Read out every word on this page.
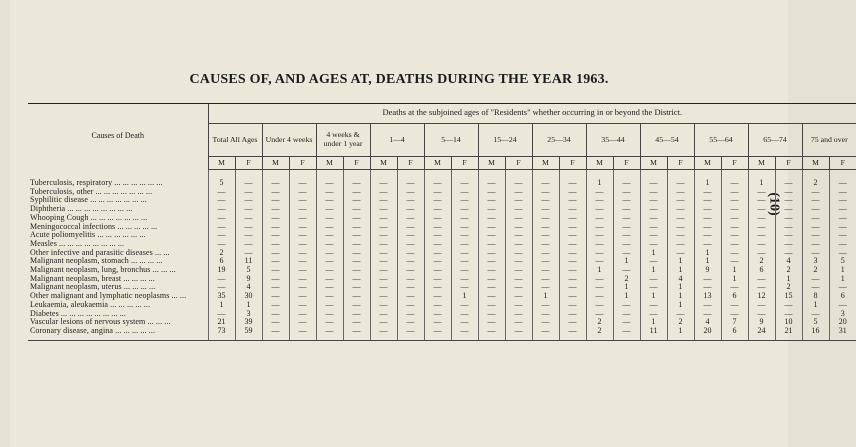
CAUSES OF, AND AGES AT, DEATHS DURING THE YEAR 1963.
(10)
Causes of Death	Deaths at the subjoined ages of "Residents" whether occurring in or beyond the District.																							
	Total All Ages		Under 4 weeks		4 weeks & under 1 year		1—4		5—14		15—24		25—34		35—44		45—54		55—64		65—74		75 and over	
	M	F	M	F	M	F	M	F	M	F	M	F	M	F	M	F	M	F	M	F	M	F	M	F

Tuberculosis, respiratory ... ... ... ... ... ...	5	—	—	—	—	—	—	—	—	—	—	—	—	—	1	—	—	—	1	—	1	—	2	—
Tuberculosis, other ... ... ... ... ... ... ...	—	—	—	—	—	—	—	—	—	—	—	—	—	—	—	—	—	—	—	—	—	—	—	—
Syphilitic disease ... ... ... ... ... ... ...	—	—	—	—	—	—	—	—	—	—	—	—	—	—	—	—	—	—	—	—	—	—	—	—
Diphtheria ... ... ... ... ... ... ... ...	—	—	—	—	—	—	—	—	—	—	—	—	—	—	—	—	—	—	—	—	—	—	—	—
Whooping Cough ... ... ... ... ... ... ...	—	—	—	—	—	—	—	—	—	—	—	—	—	—	—	—	—	—	—	—	—	—	—	—
Meningococcal infections ... ... ... ... ...	—	—	—	—	—	—	—	—	—	—	—	—	—	—	—	—	—	—	—	—	—	—	—	—
Acute poliomyelitis ... ... ... ... ... ...	—	—	—	—	—	—	—	—	—	—	—	—	—	—	—	—	—	—	—	—	—	—	—	—
Measles ... ... ... ... ... ... ... ...	—	—	—	—	—	—	—	—	—	—	—	—	—	—	—	—	—	—	—	—	—	—	—	—
Other infective and parasitic diseases ... ...	2	—	—	—	—	—	—	—	—	—	—	—	—	—	—	—	1	—	1	—	—	—	—	—
Malignant neoplasm, stomach ... ... ... ...	6	11	—	—	—	—	—	—	—	—	—	—	—	—	—	1	—	1	1	—	2	4	3	5
Malignant neoplasm, lung, bronchus ... ... ...	19	5	—	—	—	—	—	—	—	—	—	—	—	—	1	—	1	1	9	1	6	2	2	1
Malignant neoplasm, breast ... ... ... ...	—	9	—	—	—	—	—	—	—	—	—	—	—	—	—	2	—	4	—	1	—	1	—	1
Malignant neoplasm, uterus ... ... ... ...	—	4	—	—	—	—	—	—	—	—	—	—	—	—	—	1	—	1	—	—	—	2	—	—
Other malignant and lymphatic neoplasms ... ...	35	30	—	—	—	—	—	—	—	1	—	—	1	—	—	1	1	1	13	6	12	15	8	6
Leukaemia, aleukaemia ... ... ... ... ...	1	1	—	—	—	—	—	—	—	—	—	—	—	—	—	—	—	1	—	—	—	—	1	—
Diabetes ... ... ... ... ... ... ... ...	—	3	—	—	—	—	—	—	—	—	—	—	—	—	—	—	—	—	—	—	—	—	—	3
Vascular lesions of nervous system ... ... ...	21	39	—	—	—	—	—	—	—	—	—	—	—	—	2	—	1	2	4	7	9	10	5	20
Coronary disease, angina ... ... ... ... ...	73	59	—	—	—	—	—	—	—	—	—	—	—	—	2	—	11	1	20	6	24	21	16	31
